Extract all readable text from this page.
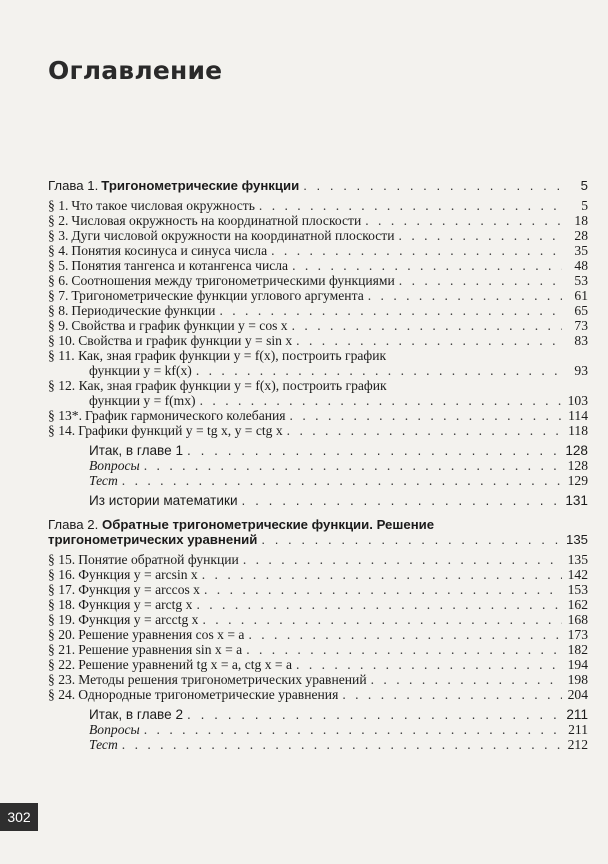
Оглавление
Глава 1. Тригонометрические функции . . .	5
§ 1. Что такое числовая окружность . . .	5
§ 2. Числовая окружность на координатной плоскости . . .	18
§ 3. Дуги числовой окружности на координатной плоскости . . .	28
§ 4. Понятия косинуса и синуса числа . . .	35
§ 5. Понятия тангенса и котангенса числа . . .	48
§ 6. Соотношения между тригонометрическими функциями . . .	53
§ 7. Тригонометрические функции углового аргумента . . .	61
§ 8. Периодические функции . . .	65
§ 9. Свойства и график функции y = cos x . . .	73
§ 10. Свойства и график функции y = sin x . . .	83
§ 11. Как, зная график функции y = f(x), построить график
функции y = kf(x) . . .	93
§ 12. Как, зная график функции y = f(x), построить график
функции y = f(mx) . . .	103
§ 13*. График гармонического колебания . . .	114
§ 14. Графики функций y = tg x, y = ctg x . . .	118
Итак, в главе 1 . . .	128
Вопросы . . .	128
Тест . . .	129
Из истории математики . . .	131
Глава 2. Обратные тригонометрические функции. Решение
тригонометрических уравнений . . .	135
§ 15. Понятие обратной функции . . .	135
§ 16. Функция y = arcsin x . . .	142
§ 17. Функция y = arccos x . . .	153
§ 18. Функция y = arctg x . . .	162
§ 19. Функция y = arcctg x . . .	168
§ 20. Решение уравнения cos x = a . . .	173
§ 21. Решение уравнения sin x = a . . .	182
§ 22. Решение уравнений tg x = a, ctg x = a . . .	194
§ 23. Методы решения тригонометрических уравнений . . .	198
§ 24. Однородные тригонометрические уравнения . . .	204
Итак, в главе 2 . . .	211
Вопросы . . .	211
Тест . . .	212
302
